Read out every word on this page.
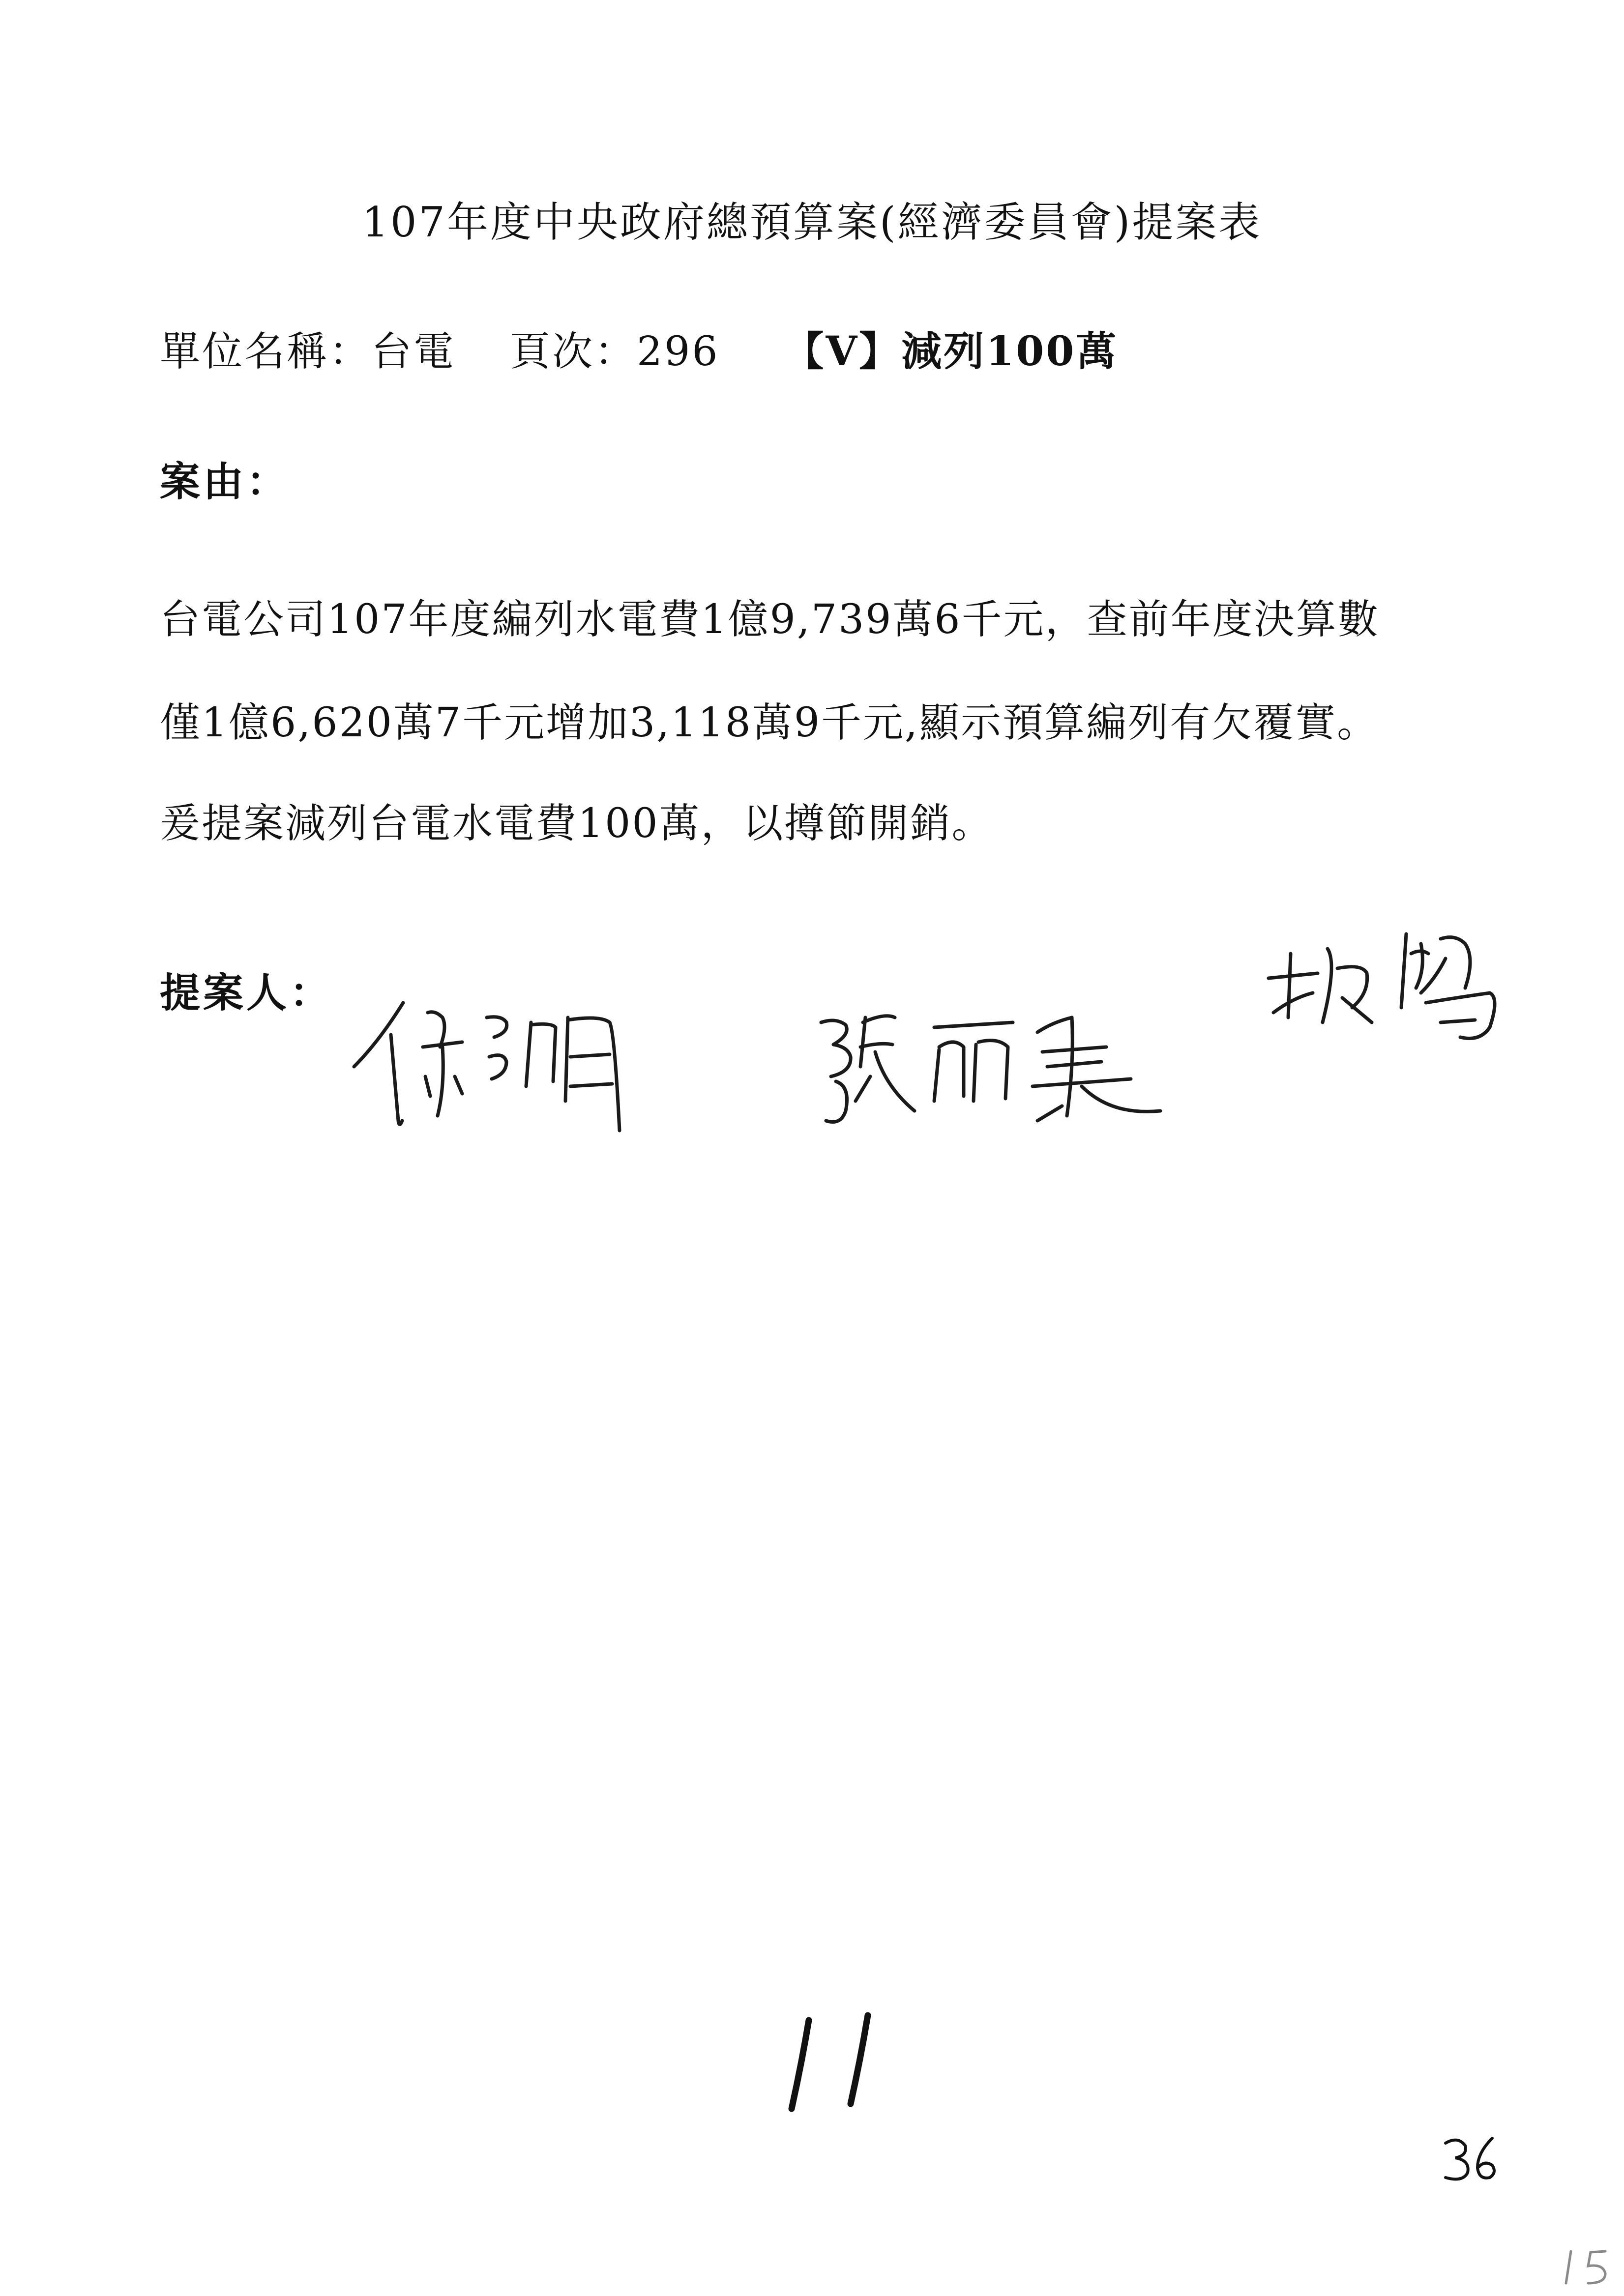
107年度中央政府總預算案(經濟委員會)提案表
單位名稱：台電 頁次：296 【V】減列100萬
案由：
台電公司107年度編列水電費1億9,739萬6千元，查前年度決算數
僅1億6,620萬7千元增加3,118萬9千元,顯示預算編列有欠覆實。
爰提案減列台電水電費100萬，以撙節開銷。
提案人：
